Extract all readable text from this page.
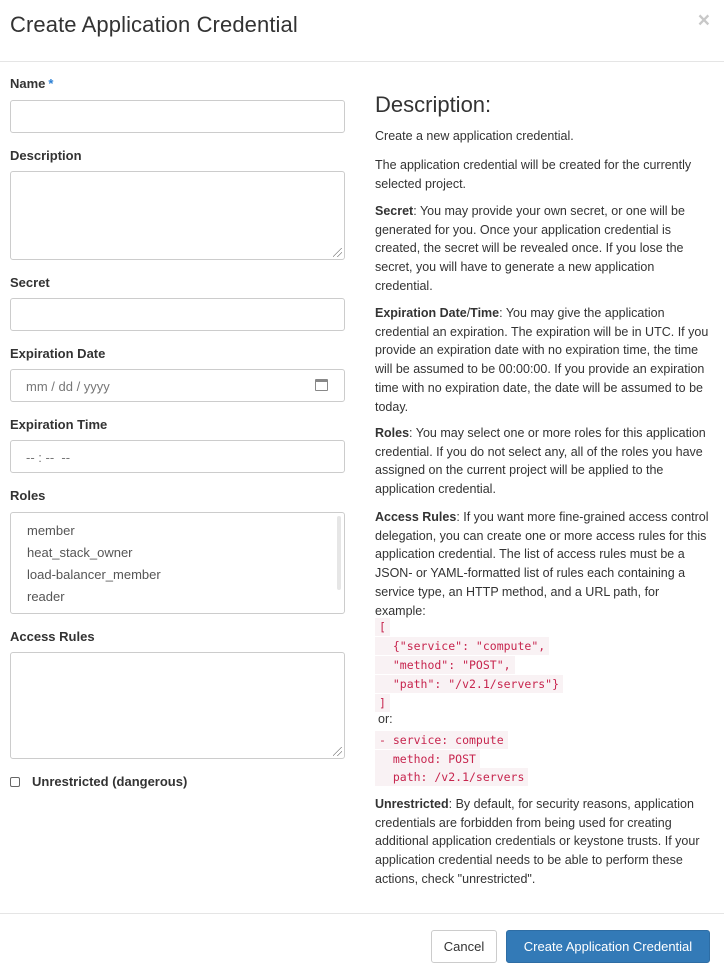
Create Application Credential	×
Name *
Description
Secret
Expiration Date
mm / dd / yyyy
Expiration Time
-- : --  --
Roles
member
heat_stack_owner
load-balancer_member
reader
Access Rules
Unrestricted (dangerous)
Description:
Create a new application credential.
The application credential will be created for the currently selected project.
Secret: You may provide your own secret, or one will be generated for you. Once your application credential is created, the secret will be revealed once. If you lose the secret, you will have to generate a new application credential.
Expiration Date/Time: You may give the application credential an expiration. The expiration will be in UTC. If you provide an expiration date with no expiration time, the time will be assumed to be 00:00:00. If you provide an expiration time with no expiration date, the date will be assumed to be today.
Roles: You may select one or more roles for this application credential. If you do not select any, all of the roles you have assigned on the current project will be applied to the application credential.
Access Rules: If you want more fine-grained access control delegation, you can create one or more access rules for this application credential. The list of access rules must be a JSON- or YAML-formatted list of rules each containing a service type, an HTTP method, and a URL path, for example:
[
{"service": "compute",
"method": "POST",
"path": "/v2.1/servers"}
]
or:
- service: compute
method: POST
path: /v2.1/servers
Unrestricted: By default, for security reasons, application credentials are forbidden from being used for creating additional application credentials or keystone trusts. If your application credential needs to be able to perform these actions, check "unrestricted".
Cancel	Create Application Credential
